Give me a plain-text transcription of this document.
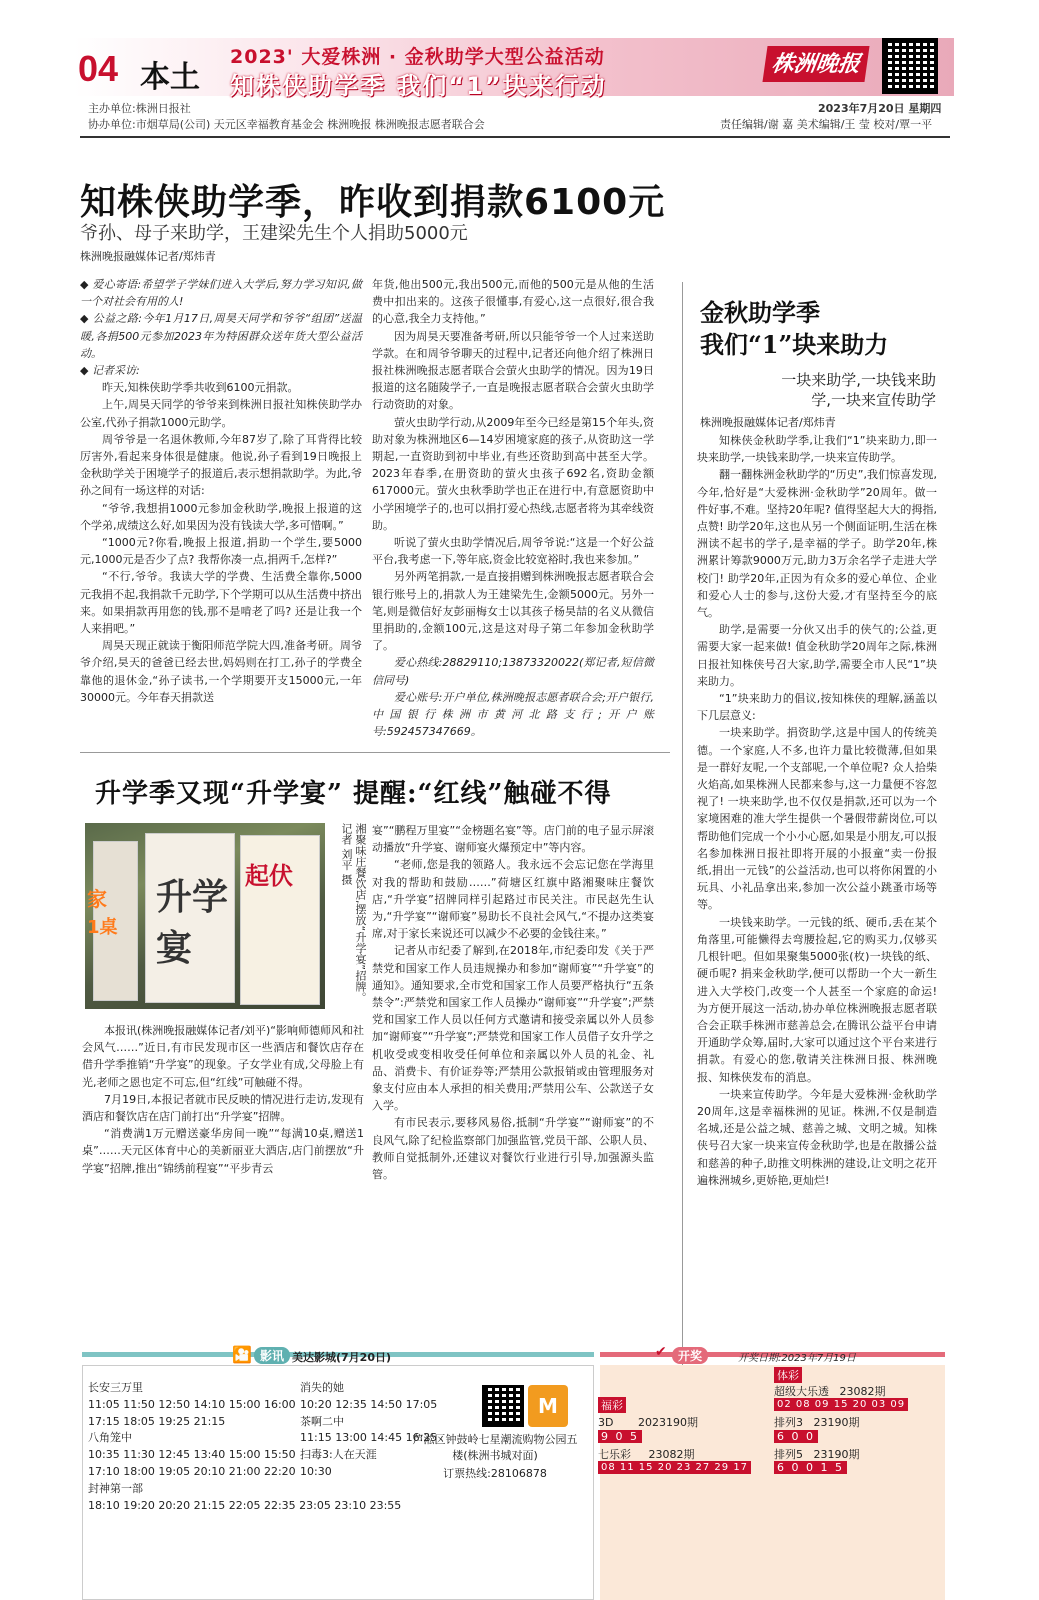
04 本土
2023' 大爱株洲 · 金秋助学大型公益活动
知株侠助学季 我们“1”块来行动
株洲晚报
主办单位:株洲日报社
协办单位:市烟草局(公司) 天元区幸福教育基金会 株洲晚报 株洲晚报志愿者联合会
2023年7月20日 星期四
责任编辑/谢 嘉 美术编辑/王 莹 校对/覃一平
知株侠助学季，昨收到捐款6100元
爷孙、母子来助学，王建梁先生个人捐助5000元
株洲晚报融媒体记者/郑炜青

◆ 爱心寄语:希望学子学妹们进入大学后,努力学习知识,做一个对社会有用的人!

◆ 公益之路:今年1月17日,周昊天同学和爷爷“组团”送温暖,各捐500元参加2023年为特困群众送年货大型公益活动。

◆ 记者采访:

昨天,知株侠助学季共收到6100元捐款。

上午,周昊天同学的爷爷来到株洲日报社知株侠助学办公室,代孙子捐款1000元助学。

周爷爷是一名退休教师,今年87岁了,除了耳背得比较厉害外,看起来身体很是健康。他说,孙子看到19日晚报上金秋助学关于困境学子的报道后,表示想捐款助学。为此,爷孙之间有一场这样的对话:

“爷爷,我想捐1000元参加金秋助学,晚报上报道的这个学弟,成绩这么好,如果因为没有钱读大学,多可惜啊。”

“1000元?你看,晚报上报道,捐助一个学生,要5000元,1000元是否少了点? 我帮你凑一点,捐两千,怎样?”

“不行,爷爷。我读大学的学费、生活费全靠你,5000元我捐不起,我捐款千元助学,下个学期可以从生活费中挤出来。如果捐款再用您的钱,那不是啃老了吗? 还是让我一个人来捐吧。”

周昊天现正就读于衡阳师范学院大四,准备考研。周爷爷介绍,昊天的爸爸已经去世,妈妈则在打工,孙子的学费全靠他的退休金,“孙子读书,一个学期要开支15000元,一年30000元。今年春天捐款送

年货,他出500元,我出500元,而他的500元是从他的生活费中扣出来的。这孩子很懂事,有爱心,这一点很好,很合我的心意,我全力支持他。”

因为周昊天要准备考研,所以只能爷爷一个人过来送助学款。在和周爷爷聊天的过程中,记者还向他介绍了株洲日报社株洲晚报志愿者联合会萤火虫助学的情况。因为19日报道的这名随陵学子,一直是晚报志愿者联合会萤火虫助学行动资助的对象。

萤火虫助学行动,从2009年至今已经是第15个年头,资助对象为株洲地区6—14岁困境家庭的孩子,从资助这一学期起,一直资助到初中毕业,有些还资助到高中甚至大学。2023年春季,在册资助的萤火虫孩子692名,资助金额617000元。萤火虫秋季助学也正在进行中,有意愿资助中小学困境学子的,也可以捐打爱心热线,志愿者将为其牵线资助。

听说了萤火虫助学情况后,周爷爷说:“这是一个好公益平台,我考虑一下,等年底,资金比较宽裕时,我也来参加。”

另外两笔捐款,一是直接捐赠到株洲晚报志愿者联合会银行账号上的,捐款人为王建梁先生,金额5000元。另外一笔,则是微信好友彭丽梅女士以其孩子杨昊喆的名义从微信里捐助的,金额100元,这是这对母子第二年参加金秋助学了。

爱心热线:28829110;13873320022(郑记者,短信微信同号)

爱心账号:开户单位,株洲晚报志愿者联合会;开户银行,中国银行株洲市黄河北路支行;开户账号:592457347669。

金秋助学季
我们“1”块来助力
一块来助学,一块钱来助
学,一块来宣传助学
株洲晚报融媒体记者/郑炜青

知株侠金秋助学季,让我们“1”块来助力,即一块来助学,一块钱来助学,一块来宣传助学。

翻一翻株洲金秋助学的“历史”,我们惊喜发现,今年,恰好是“大爱株洲·金秋助学”20周年。做一件好事,不难。坚持20年呢? 值得坚起大大的拇指,点赞! 助学20年,这也从另一个侧面证明,生活在株洲读不起书的学子,是幸福的学子。助学20年,株洲累计筹款9000万元,助力3万余名学子走进大学校门! 助学20年,正因为有众多的爱心单位、企业和爱心人士的参与,这份大爱,才有坚持至今的底气。

助学,是需要一分伙又出手的侠气的;公益,更需要大家一起来做! 值金秋助学20周年之际,株洲日报社知株侠号召大家,助学,需要全市人民“1”块来助力。

“1”块来助力的倡议,按知株侠的理解,涵盖以下几层意义:

一块来助学。捐资助学,这是中国人的传统美德。一个家庭,人不多,也许力量比较微薄,但如果是一群好友呢,一个支部呢,一个单位呢? 众人拾柴火焰高,如果株洲人民都来参与,这一力量便不容忽视了! 一块来助学,也不仅仅是捐款,还可以为一个家境困难的准大学生提供一个暑假带薪岗位,可以帮助他们完成一个小小心愿,如果是小朋友,可以报名参加株洲日报社即将开展的小报童“卖一份报纸,捐出一元钱”的公益活动,也可以将你闲置的小玩具、小礼品拿出来,参加一次公益小跳蚤市场等等。

一块钱来助学。一元钱的纸、硬币,丢在某个角落里,可能懒得去弯腰捡起,它的购买力,仅够买几根针吧。但如果聚集5000张(枚)一块钱的纸、硬币呢? 捐来金秋助学,便可以帮助一个大一新生进入大学校门,改变一个人甚至一个家庭的命运! 为方便开展这一活动,协办单位株洲晚报志愿者联合会正联手株洲市慈善总会,在腾讯公益平台申请开通助学众筹,届时,大家可以通过这个平台来进行捐款。有爱心的您,敬请关注株洲日报、株洲晚报、知株侠发布的消息。

一块来宣传助学。今年是大爱株洲·金秋助学20周年,这是幸福株洲的见证。株洲,不仅是制造名城,还是公益之城、慈善之城、文明之城。知株侠号召大家一块来宣传金秋助学,也是在散播公益和慈善的种子,助推文明株洲的建设,让文明之花开遍株洲城乡,更娇艳,更灿烂!

升学季又现“升学宴” 提醒:“红线”触碰不得
升学宴
起伏
家
1桌	湘聚味庄餐饮店,摆放“升学宴”招牌。记者 刘平 摄

本报讯(株洲晚报融媒体记者/刘平)“影响师德师风和社会风气……”近日,有市民发现市区一些酒店和餐饮店存在借升学季推销“升学宴”的现象。子女学业有成,父母脸上有光,老师之恩也定不可忘,但“红线”可触碰不得。

7月19日,本报记者就市民反映的情况进行走访,发现有酒店和餐饮店在店门前打出“升学宴”招牌。

“消费满1万元赠送豪华房间一晚”“每满10桌,赠送1桌”……天元区体育中心的美新丽亚大酒店,店门前摆放“升学宴”招牌,推出“锦绣前程宴”“平步青云

宴”“鹏程万里宴”“金榜题名宴”等。店门前的电子显示屏滚动播放“升学宴、谢师宴火爆预定中”等内容。

“老师,您是我的领路人。我永远不会忘记您在学海里对我的帮助和鼓励……”荷塘区红旗中路湘聚味庄餐饮店,“升学宴”招牌同样引起路过市民关注。市民赵先生认为,“升学宴”“谢师宴”易助长不良社会风气,“不提办这类宴席,对于家长来说还可以减少不必要的金钱往来。”

记者从市纪委了解到,在2018年,市纪委印发《关于严禁党和国家工作人员违规操办和参加“谢师宴”“升学宴”的通知》。通知要求,全市党和国家工作人员要严格执行“五条禁令”:严禁党和国家工作人员操办“谢师宴”“升学宴”;严禁党和国家工作人员以任何方式邀请和接受亲属以外人员参加“谢师宴”“升学宴”;严禁党和国家工作人员借子女升学之机收受或变相收受任何单位和亲属以外人员的礼金、礼品、消费卡、有价证券等;严禁用公款报销或由管理服务对象支付应由本人承担的相关费用;严禁用公车、公款送子女入学。

有市民表示,要移风易俗,抵制“升学宴”“谢师宴”的不良风气,除了纪检监察部门加强监管,党员干部、公职人员、教师自觉抵制外,还建议对餐饮行业进行引导,加强源头监管。

影讯
🎦	美达影城(7月20日)
长安三万里
11:05 11:50 12:50 14:10 15:00 16:00
17:15 18:05 19:25 21:15
八角笼中
10:35 11:30 12:45 13:40 15:00 15:50
17:10 18:00 19:05 20:10 21:00 22:20
封神第一部
18:10 19:20 20:20 21:15 22:05 22:35 23:05 23:10 23:55
消失的她
10:20 12:35 14:50 17:05
茶啊二中
11:15 13:00 14:45 16:25
扫毒3:人在天涯
10:30
M
芦淞区钟鼓岭七星潮流购物公园五楼(株洲书城对面)
订票热线:28106878
✔ 开奖	开奖日期:2023年7月19日
福彩
3D 2023190期
9 0 5
七乐彩 23082期
08 11 15 20 23 27 29 17
体彩
超级大乐透 23082期
02 08 09 15 20 03 09
排列3 23190期
6 0 0
排列5 23190期
6 0 0 1 5
